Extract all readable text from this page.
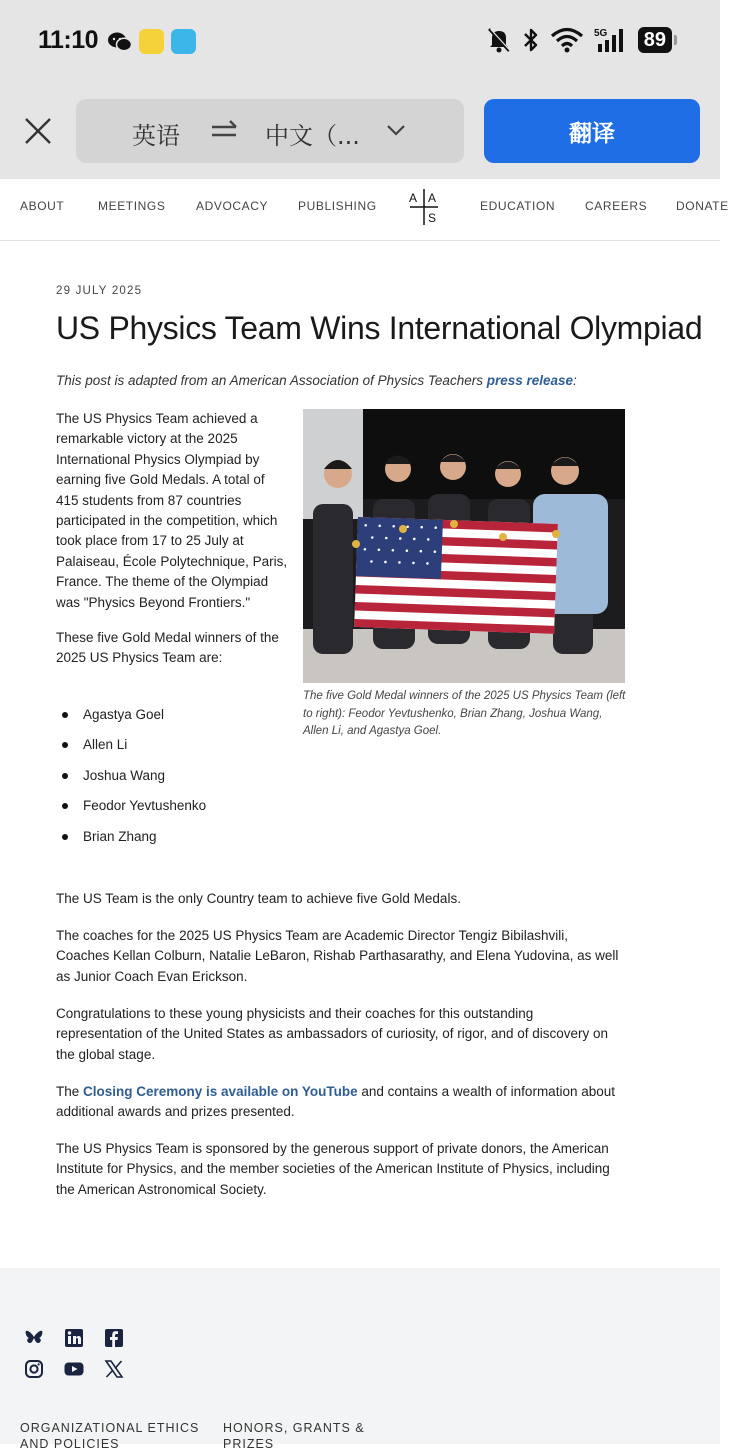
11:10	5G	89
英语	中文（...	翻译
ABOUT	MEETINGS	ADVOCACY PUBLISHING
A A
S
EDUCATION CAREERS DONATE
29 JULY 2025
US Physics Team Wins International Olympiad
This post is adapted from an American Association of Physics Teachers press release:

The US Physics Team achieved a remarkable victory at the 2025 International Physics Olympiad by earning five Gold Medals. A total of 415 students from 87 countries participated in the competition, which took place from 17 to 25 July at Palaiseau, École Polytechnique, Paris, France. The theme of the Olympiad was "Physics Beyond Frontiers."

These five Gold Medal winners of the 2025 US Physics Team are:

Agastya Goel
Allen Li
Joshua Wang
Feodor Yevtushenko
Brian Zhang
The five Gold Medal winners of the 2025 US Physics Team (left to right): Feodor Yevtushenko, Brian Zhang, Joshua Wang, Allen Li, and Agastya Goel.

The US Team is the only Country team to achieve five Gold Medals.

The coaches for the 2025 US Physics Team are Academic Director Tengiz Bibilashvili, Coaches Kellan Colburn, Natalie LeBaron, Rishab Parthasarathy, and Elena Yudovina, as well as Junior Coach Evan Erickson.

Congratulations to these young physicists and their coaches for this outstanding representation of the United States as ambassadors of curiosity, of rigor, and of discovery on the global stage.

The Closing Ceremony is available on YouTube and contains a wealth of information about additional awards and prizes presented.

The US Physics Team is sponsored by the generous support of private donors, the American Institute for Physics, and the member societies of the American Institute of Physics, including the American Astronomical Society.

ORGANIZATIONAL ETHICS AND POLICIES
HONORS, GRANTS & PRIZES
